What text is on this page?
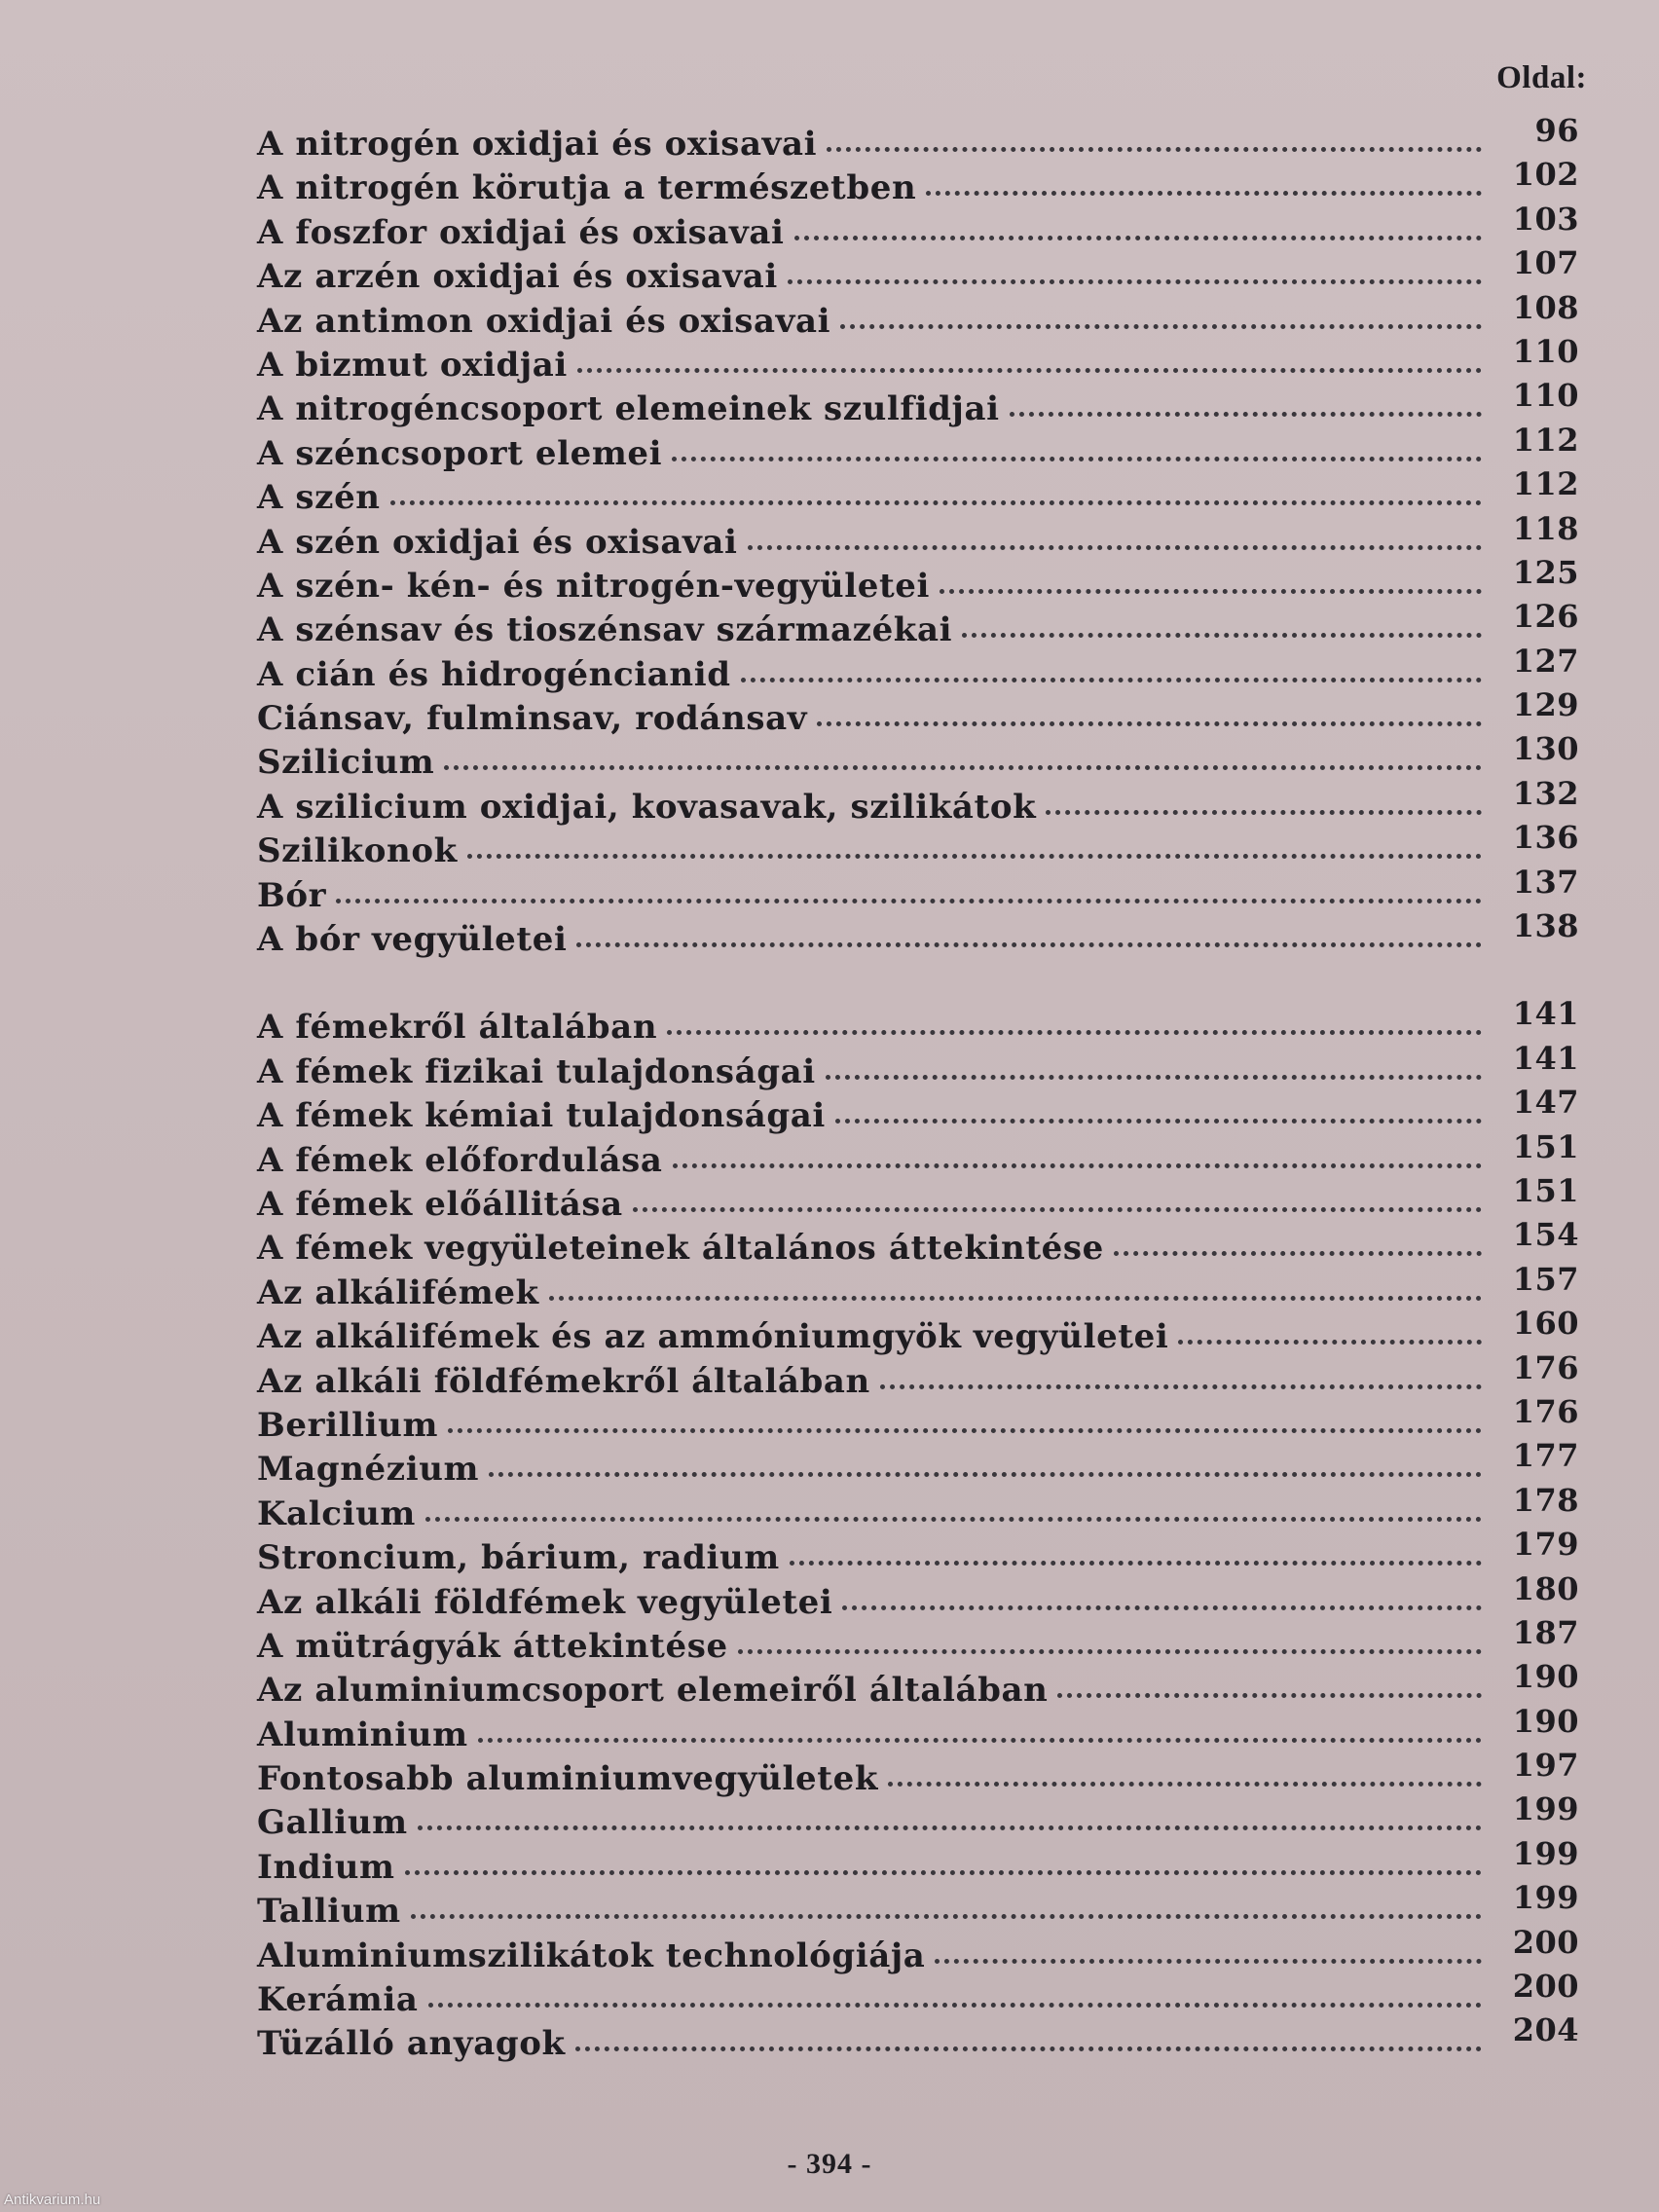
Oldal:
A nitrogén oxidjai és oxisavai	96
A nitrogén körutja a természetben	102
A foszfor oxidjai és oxisavai	103
Az arzén oxidjai és oxisavai	107
Az antimon oxidjai és oxisavai	108
A bizmut oxidjai	110
A nitrogéncsoport elemeinek szulfidjai	110
A széncsoport elemei	112
A szén	112
A szén oxidjai és oxisavai	118
A szén- kén- és nitrogén-vegyületei	125
A szénsav és tioszénsav származékai	126
A cián és hidrogéncianid	127
Ciánsav, fulminsav, rodánsav	129
Szilicium	130
A szilicium oxidjai, kovasavak, szilikátok	132
Szilikonok	136
Bór	137
A bór vegyületei	138
A fémekről általában	141
A fémek fizikai tulajdonságai	141
A fémek kémiai tulajdonságai	147
A fémek előfordulása	151
A fémek előállitása	151
A fémek vegyületeinek általános áttekintése	154
Az alkálifémek	157
Az alkálifémek és az ammóniumgyök vegyületei	160
Az alkáli földfémekről általában	176
Berillium	176
Magnézium	177
Kalcium	178
Stroncium, bárium, radium	179
Az alkáli földfémek vegyületei	180
A mütrágyák áttekintése	187
Az aluminiumcsoport elemeiről általában	190
Aluminium	190
Fontosabb aluminiumvegyületek	197
Gallium	199
Indium	199
Tallium	199
Aluminiumszilikátok technológiája	200
Kerámia	200
Tüzálló anyagok	204
- 394 -
Antikvarium.hu
